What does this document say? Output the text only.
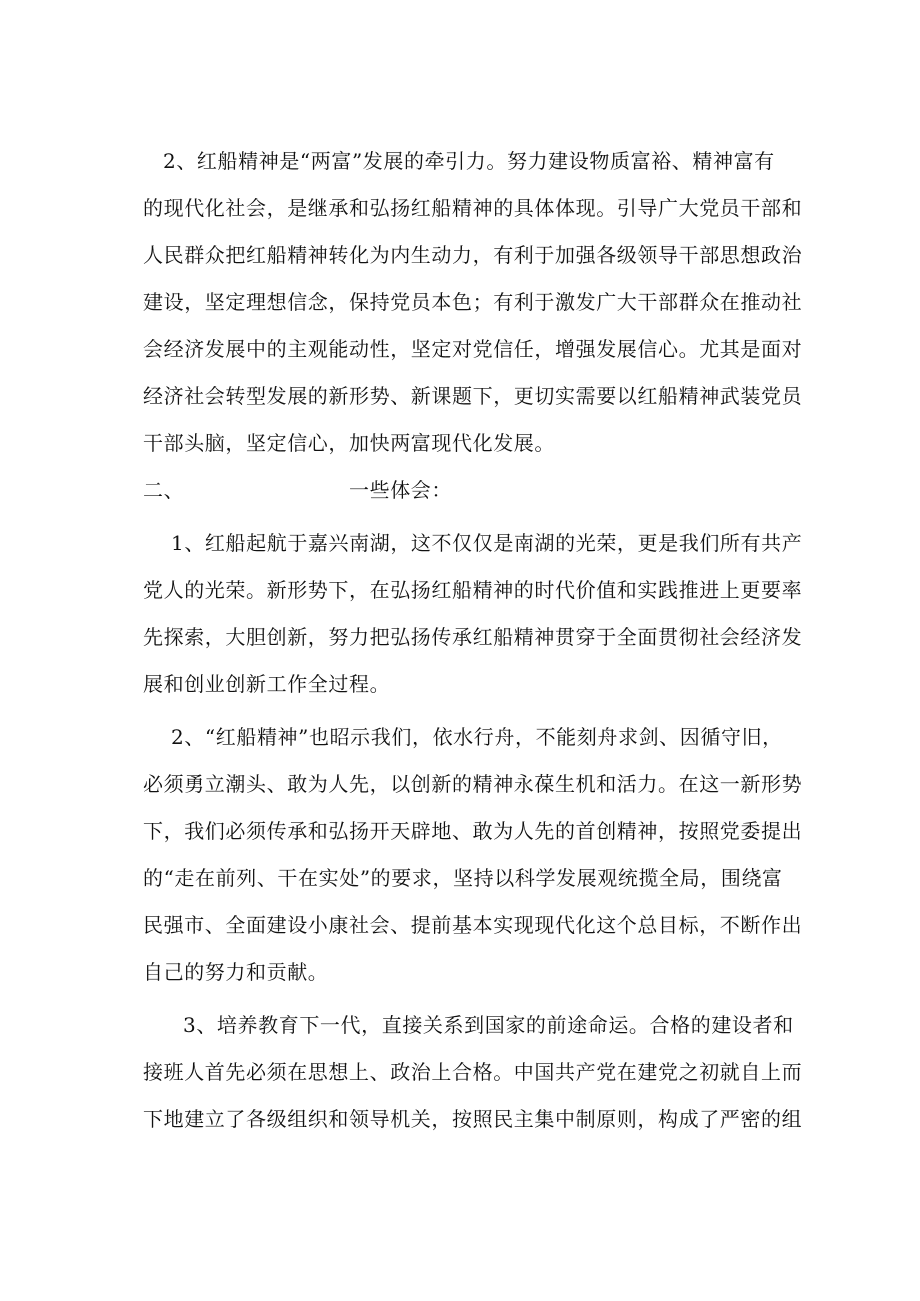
2、红船精神是“两富”发展的牵引力。努力建设物质富裕、精神富有
的现代化社会，是继承和弘扬红船精神的具体体现。引导广大党员干部和
人民群众把红船精神转化为内生动力，有利于加强各级领导干部思想政治
建设，坚定理想信念，保持党员本色；有利于激发广大干部群众在推动社
会经济发展中的主观能动性，坚定对党信任，增强发展信心。尤其是面对
经济社会转型发展的新形势、新课题下，更切实需要以红船精神武装党员
干部头脑，坚定信心，加快两富现代化发展。
二、	一些体会：
1、红船起航于嘉兴南湖，这不仅仅是南湖的光荣，更是我们所有共产
党人的光荣。新形势下，在弘扬红船精神的时代价值和实践推进上更要率
先探索，大胆创新，努力把弘扬传承红船精神贯穿于全面贯彻社会经济发
展和创业创新工作全过程。
2、“红船精神”也昭示我们，依水行舟，不能刻舟求剑、因循守旧，
必须勇立潮头、敢为人先，以创新的精神永葆生机和活力。在这一新形势
下，我们必须传承和弘扬开天辟地、敢为人先的首创精神，按照党委提出
的“走在前列、干在实处”的要求，坚持以科学发展观统揽全局，围绕富
民强市、全面建设小康社会、提前基本实现现代化这个总目标，不断作出
自己的努力和贡献。
3、培养教育下一代，直接关系到国家的前途命运。合格的建设者和
接班人首先必须在思想上、政治上合格。中国共产党在建党之初就自上而
下地建立了各级组织和领导机关，按照民主集中制原则，构成了严密的组
